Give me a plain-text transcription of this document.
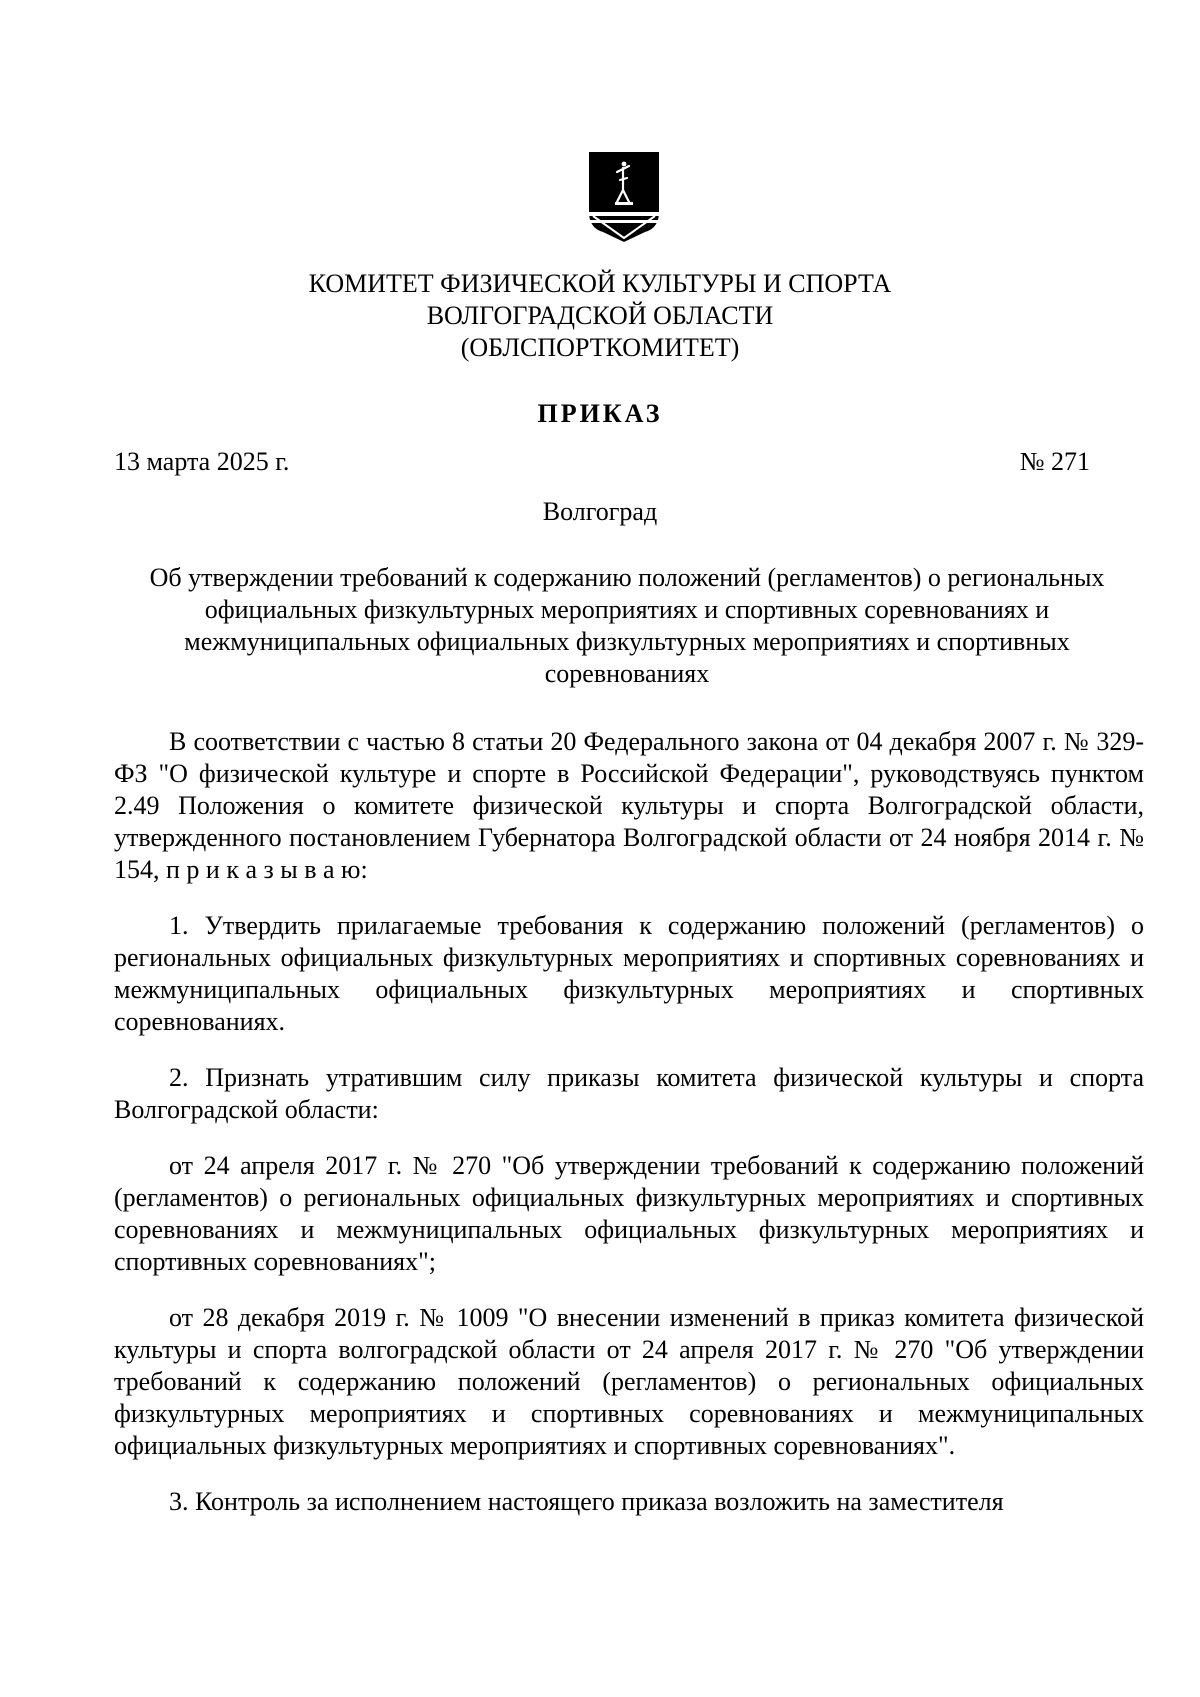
КОМИТЕТ ФИЗИЧЕСКОЙ КУЛЬТУРЫ И СПОРТА
ВОЛГОГРАДСКОЙ ОБЛАСТИ
(ОБЛСПОРТКОМИТЕТ)
ПРИКАЗ
13 марта 2025 г.	№ 271
Волгоград
Об утверждении требований к содержанию положений (регламентов) о региональных официальных физкультурных мероприятиях и спортивных соревнованиях и межмуниципальных официальных физкультурных мероприятиях и спортивных соревнованиях

В соответствии с частью 8 статьи 20 Федерального закона от 04 декабря 2007 г. № 329-ФЗ "О физической культуре и спорте в Российской Федерации", руководствуясь пунктом 2.49 Положения о комитете физической культуры и спорта Волгоградской области, утвержденного постановлением Губернатора Волгоградской области от 24 ноября 2014 г. № 154, п р и к а з ы в а ю:

1. Утвердить прилагаемые требования к содержанию положений (регламентов) о региональных официальных физкультурных мероприятиях и спортивных соревнованиях и межмуниципальных официальных физкультурных мероприятиях и спортивных соревнованиях.

2. Признать утратившим силу приказы комитета физической культуры и спорта Волгоградской области:

от 24 апреля 2017 г. № 270 "Об утверждении требований к содержанию положений (регламентов) о региональных официальных физкультурных мероприятиях и спортивных соревнованиях и межмуниципальных официальных физкультурных мероприятиях и спортивных соревнованиях";

от 28 декабря 2019 г. № 1009 "О внесении изменений в приказ комитета физической культуры и спорта волгоградской области от 24 апреля 2017 г. № 270 "Об утверждении требований к содержанию положений (регламентов) о региональных официальных физкультурных мероприятиях и спортивных соревнованиях и межмуниципальных официальных физкультурных мероприятиях и спортивных соревнованиях".

3. Контроль за исполнением настоящего приказа возложить на заместителя
